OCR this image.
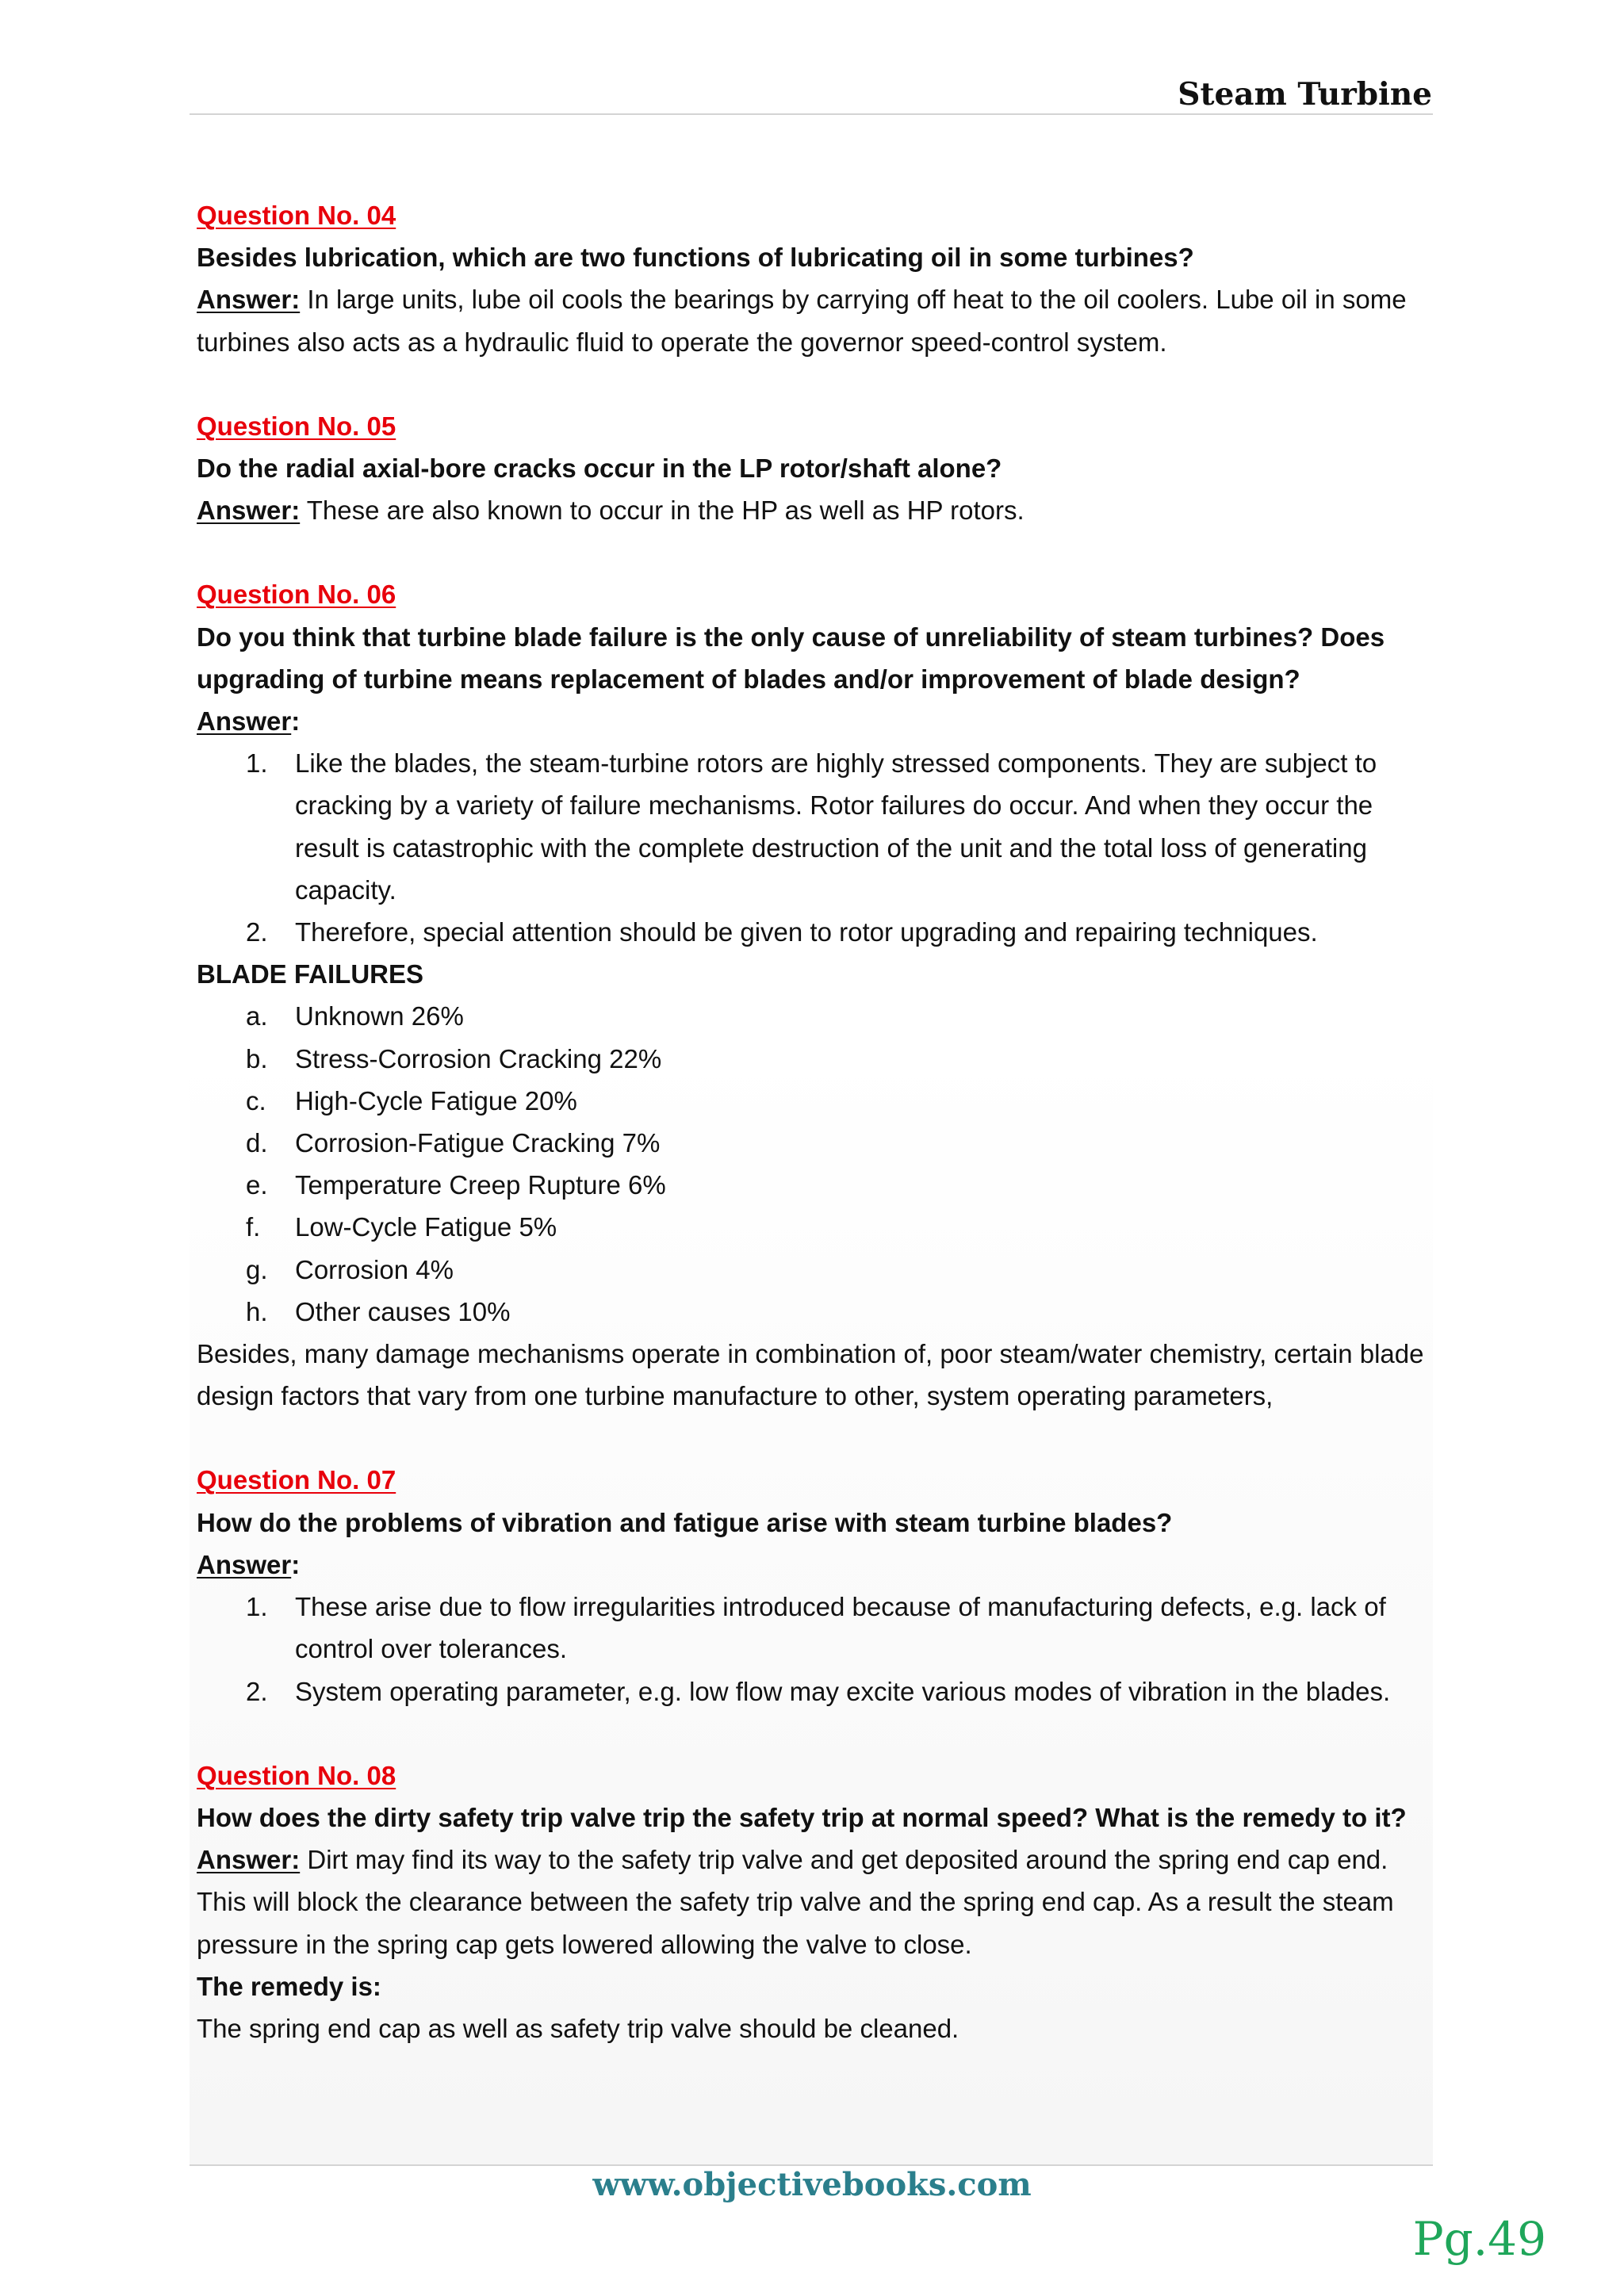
Steam Turbine
Question No. 04
Besides lubrication, which are two functions of lubricating oil in some turbines?
Answer: In large units, lube oil cools the bearings by carrying off heat to the oil coolers. Lube oil in some turbines also acts as a hydraulic fluid to operate the governor speed-control system.
Question No. 05
Do the radial axial-bore cracks occur in the LP rotor/shaft alone?
Answer: These are also known to occur in the HP as well as HP rotors.
Question No. 06
Do you think that turbine blade failure is the only cause of unreliability of steam turbines? Does upgrading of turbine means replacement of blades and/or improvement of blade design?
Answer:
1. Like the blades, the steam-turbine rotors are highly stressed components. They are subject to cracking by a variety of failure mechanisms. Rotor failures do occur. And when they occur the result is catastrophic with the complete destruction of the unit and the total loss of generating capacity.
2. Therefore, special attention should be given to rotor upgrading and repairing techniques.
BLADE FAILURES
a. Unknown 26%
b. Stress-Corrosion Cracking 22%
c. High-Cycle Fatigue 20%
d. Corrosion-Fatigue Cracking 7%
e. Temperature Creep Rupture 6%
f. Low-Cycle Fatigue 5%
g. Corrosion 4%
h. Other causes 10%
Besides, many damage mechanisms operate in combination of, poor steam/water chemistry, certain blade design factors that vary from one turbine manufacture to other, system operating parameters,
Question No. 07
How do the problems of vibration and fatigue arise with steam turbine blades?
Answer:
1. These arise due to flow irregularities introduced because of manufacturing defects, e.g. lack of control over tolerances.
2. System operating parameter, e.g. low flow may excite various modes of vibration in the blades.
Question No. 08
How does the dirty safety trip valve trip the safety trip at normal speed? What is the remedy to it?
Answer: Dirt may find its way to the safety trip valve and get deposited around the spring end cap end. This will block the clearance between the safety trip valve and the spring end cap. As a result the steam pressure in the spring cap gets lowered allowing the valve to close.
The remedy is:
The spring end cap as well as safety trip valve should be cleaned.
www.objectivebooks.com
Pg.49
